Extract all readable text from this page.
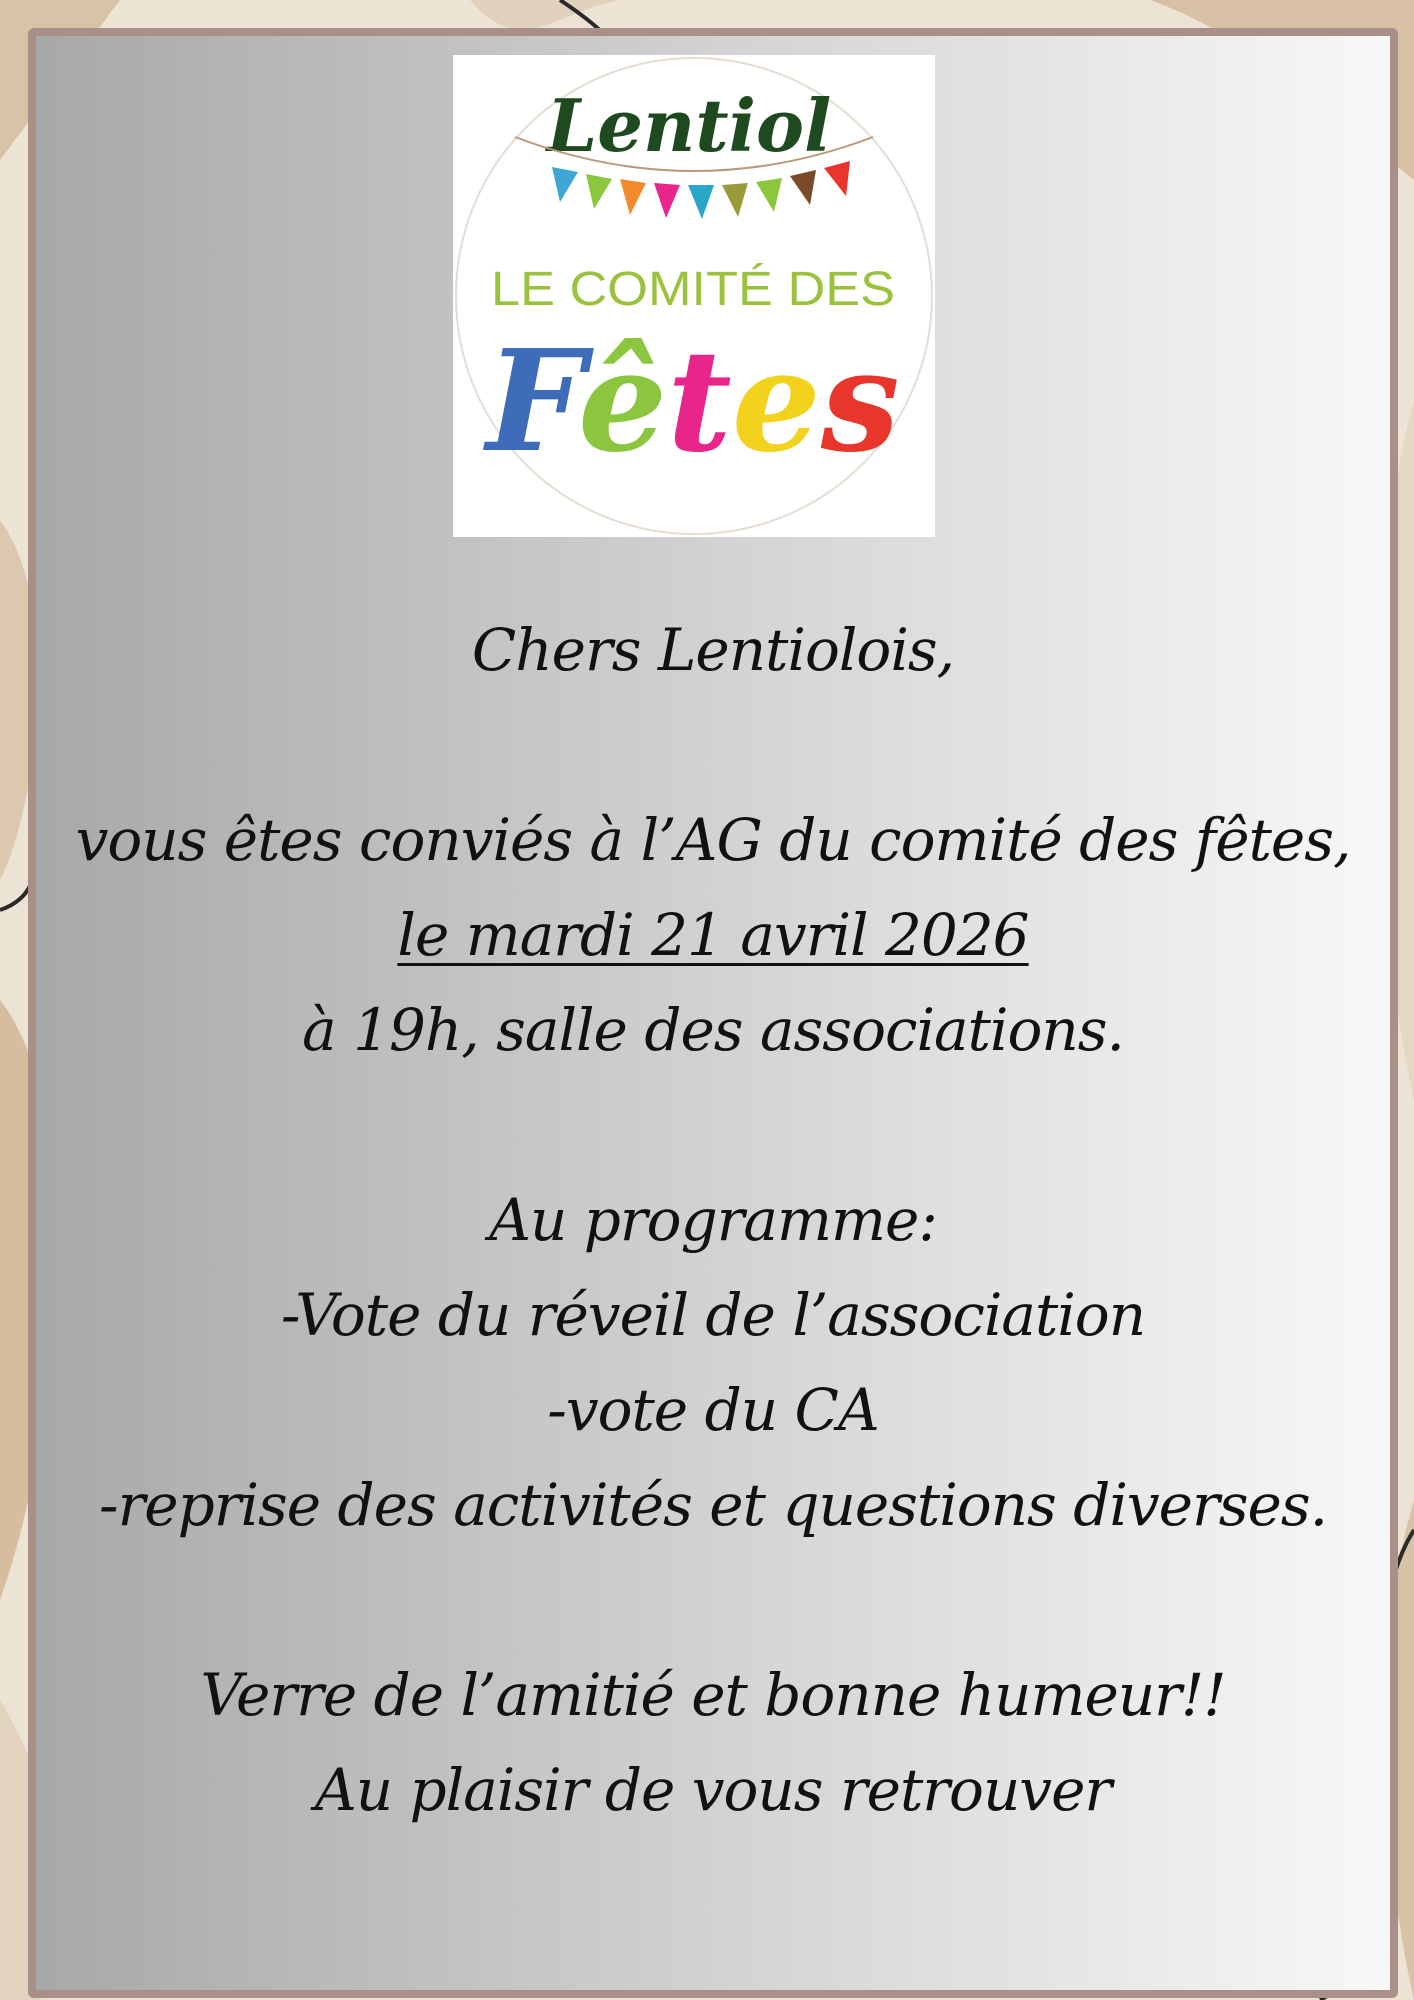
Lentiol
LE COMITÉ DES
Fêtes
Chers Lentiolois,
vous êtes conviés à l’AG du comité des fêtes,
le mardi 21 avril 2026
à 19h, salle des associations.
Au programme:
-Vote du réveil de l’association
-vote du CA
-reprise des activités et questions diverses.
Verre de l’amitié et bonne humeur!!
Au plaisir de vous retrouver
